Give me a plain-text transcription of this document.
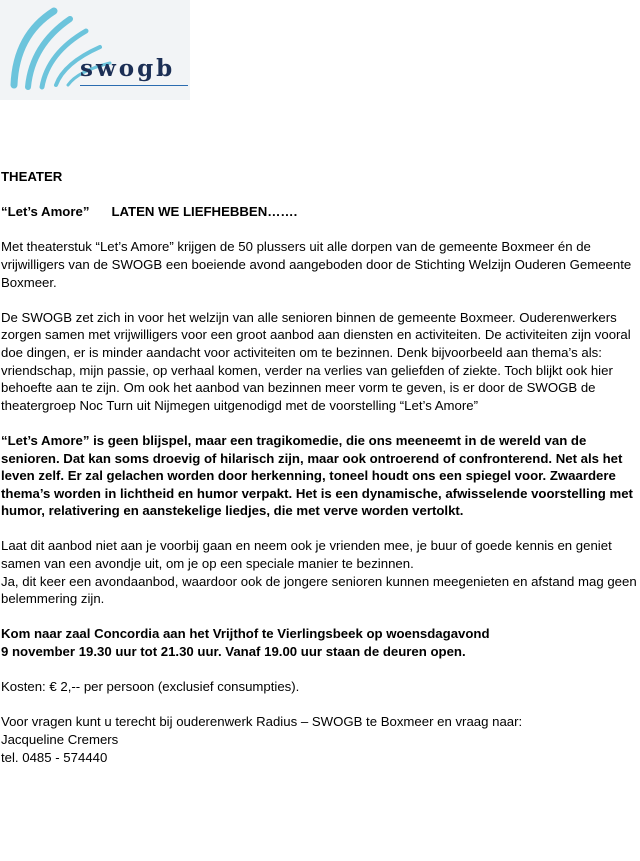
swogb

THEATER

“Let’s Amore” LATEN WE LIEFHEBBEN…….

Met theaterstuk “Let’s Amore” krijgen de 50 plussers uit alle dorpen van de gemeente Boxmeer én de vrijwilligers van de SWOGB een boeiende avond aangeboden door de Stichting Welzijn Ouderen Gemeente Boxmeer.

De SWOGB zet zich in voor het welzijn van alle senioren binnen de gemeente Boxmeer. Ouderenwerkers zorgen samen met vrijwilligers voor een groot aanbod aan diensten en activiteiten. De activiteiten zijn vooral doe dingen, er is minder aandacht voor activiteiten om te bezinnen. Denk bijvoorbeeld aan thema’s als: vriendschap, mijn passie, op verhaal komen, verder na verlies van geliefden of ziekte. Toch blijkt ook hier behoefte aan te zijn. Om ook het aanbod van bezinnen meer vorm te geven, is er door de SWOGB de theatergroep Noc Turn uit Nijmegen uitgenodigd met de voorstelling “Let’s Amore”

“Let’s Amore” is geen blijspel, maar een tragikomedie, die ons meeneemt in de wereld van de senioren. Dat kan soms droevig of hilarisch zijn, maar ook ontroerend of confronterend. Net als het leven zelf. Er zal gelachen worden door herkenning, toneel houdt ons een spiegel voor. Zwaardere thema’s worden in lichtheid en humor verpakt. Het is een dynamische, afwisselende voorstelling met humor, relativering en aanstekelige liedjes, die met verve worden vertolkt.

Laat dit aanbod niet aan je voorbij gaan en neem ook je vrienden mee, je buur of goede kennis en geniet samen van een avondje uit, om je op een speciale manier te bezinnen.
Ja, dit keer een avondaanbod, waardoor ook de jongere senioren kunnen meegenieten en afstand mag geen belemmering zijn.

Kom naar zaal Concordia aan het Vrijthof te Vierlingsbeek op woensdagavond
9 november 19.30 uur tot 21.30 uur. Vanaf 19.00 uur staan de deuren open.

Kosten: € 2,-- per persoon (exclusief consumpties).

Voor vragen kunt u terecht bij ouderenwerk Radius – SWOGB te Boxmeer en vraag naar:
Jacqueline Cremers
tel. 0485 - 574440
